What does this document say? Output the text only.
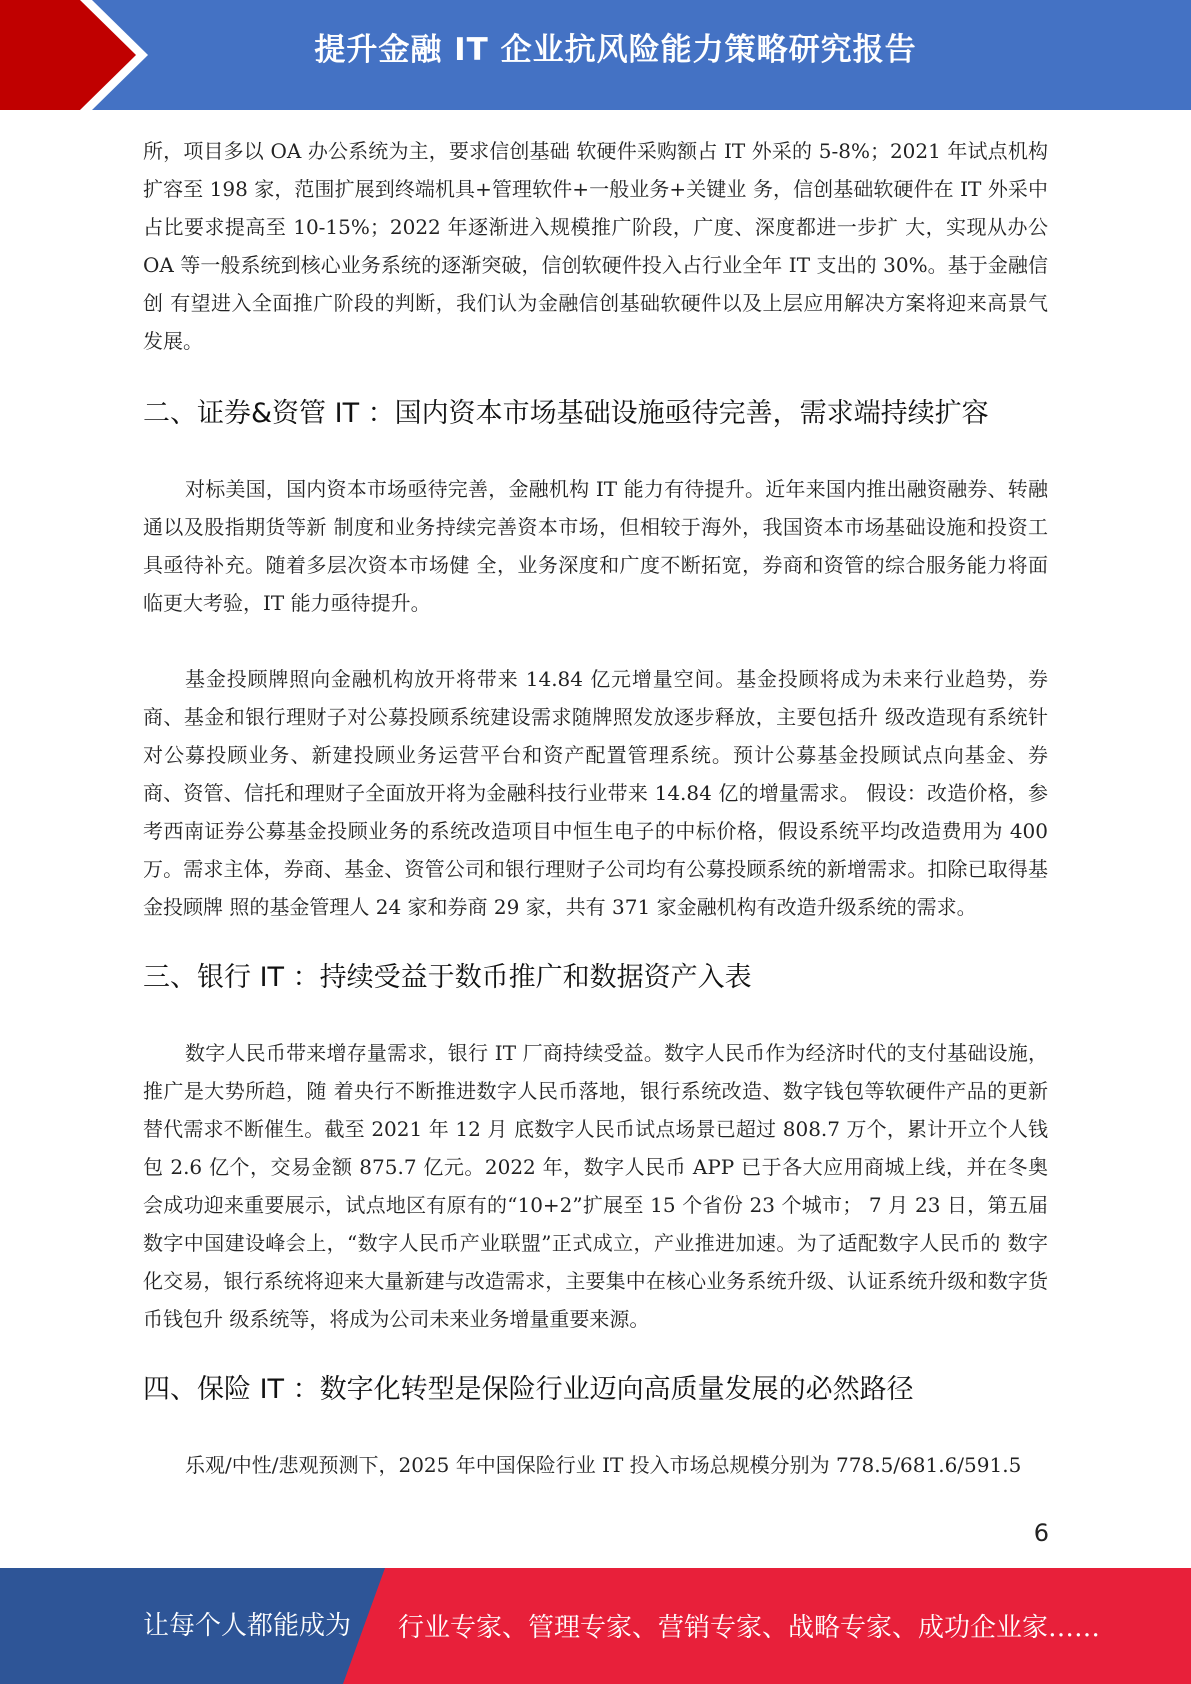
提升金融 IT 企业抗风险能力策略研究报告

所，项目多以 OA 办公系统为主，要求信创基础 软硬件采购额占 IT 外采的 5-8%；2021 年试点机构扩容至 198 家，范围扩展到终端机具+管理软件+一般业务+关键业 务，信创基础软硬件在 IT 外采中占比要求提高至 10-15%；2022 年逐渐进入规模推广阶段，广度、深度都进一步扩 大，实现从办公 OA 等一般系统到核心业务系统的逐渐突破，信创软硬件投入占行业全年 IT 支出的 30%。基于金融信创 有望进入全面推广阶段的判断，我们认为金融信创基础软硬件以及上层应用解决方案将迎来高景气发展。

二、证券&资管 IT ：国内资本市场基础设施亟待完善，需求端持续扩容

对标美国，国内资本市场亟待完善，金融机构 IT 能力有待提升。近年来国内推出融资融券、转融通以及股指期货等新 制度和业务持续完善资本市场，但相较于海外，我国资本市场基础设施和投资工具亟待补充。随着多层次资本市场健 全，业务深度和广度不断拓宽，券商和资管的综合服务能力将面临更大考验，IT 能力亟待提升。

基金投顾牌照向金融机构放开将带来 14.84 亿元增量空间。基金投顾将成为未来行业趋势，券商、基金和银行理财子对公募投顾系统建设需求随牌照发放逐步释放，主要包括升 级改造现有系统针对公募投顾业务、新建投顾业务运营平台和资产配置管理系统。预计公募基金投顾试点向基金、券 商、资管、信托和理财子全面放开将为金融科技行业带来 14.84 亿的增量需求。 假设：改造价格，参考西南证券公募基金投顾业务的系统改造项目中恒生电子的中标价格，假设系统平均改造费用为 400 万。需求主体，券商、基金、资管公司和银行理财子公司均有公募投顾系统的新增需求。扣除已取得基金投顾牌 照的基金管理人 24 家和券商 29 家，共有 371 家金融机构有改造升级系统的需求。

三、银行 IT ：持续受益于数币推广和数据资产入表

数字人民币带来增存量需求，银行 IT 厂商持续受益。数字人民币作为经济时代的支付基础设施，推广是大势所趋，随 着央行不断推进数字人民币落地，银行系统改造、数字钱包等软硬件产品的更新替代需求不断催生。截至 2021 年 12 月 底数字人民币试点场景已超过 808.7 万个，累计开立个人钱包 2.6 亿个，交易金额 875.7 亿元。2022 年，数字人民币 APP 已于各大应用商城上线，并在冬奥会成功迎来重要展示，试点地区有原有的“10+2”扩展至 15 个省份 23 个城市； 7 月 23 日，第五届数字中国建设峰会上，“数字人民币产业联盟”正式成立，产业推进加速。为了适配数字人民币的 数字化交易，银行系统将迎来大量新建与改造需求，主要集中在核心业务系统升级、认证系统升级和数字货币钱包升 级系统等，将成为公司未来业务增量重要来源。

四、保险 IT ：数字化转型是保险行业迈向高质量发展的必然路径

乐观/中性/悲观预测下，2025 年中国保险行业 IT 投入市场总规模分别为 778.5/681.6/591.5

6
让每个人都能成为 行业专家、管理专家、营销专家、战略专家、成功企业家……
